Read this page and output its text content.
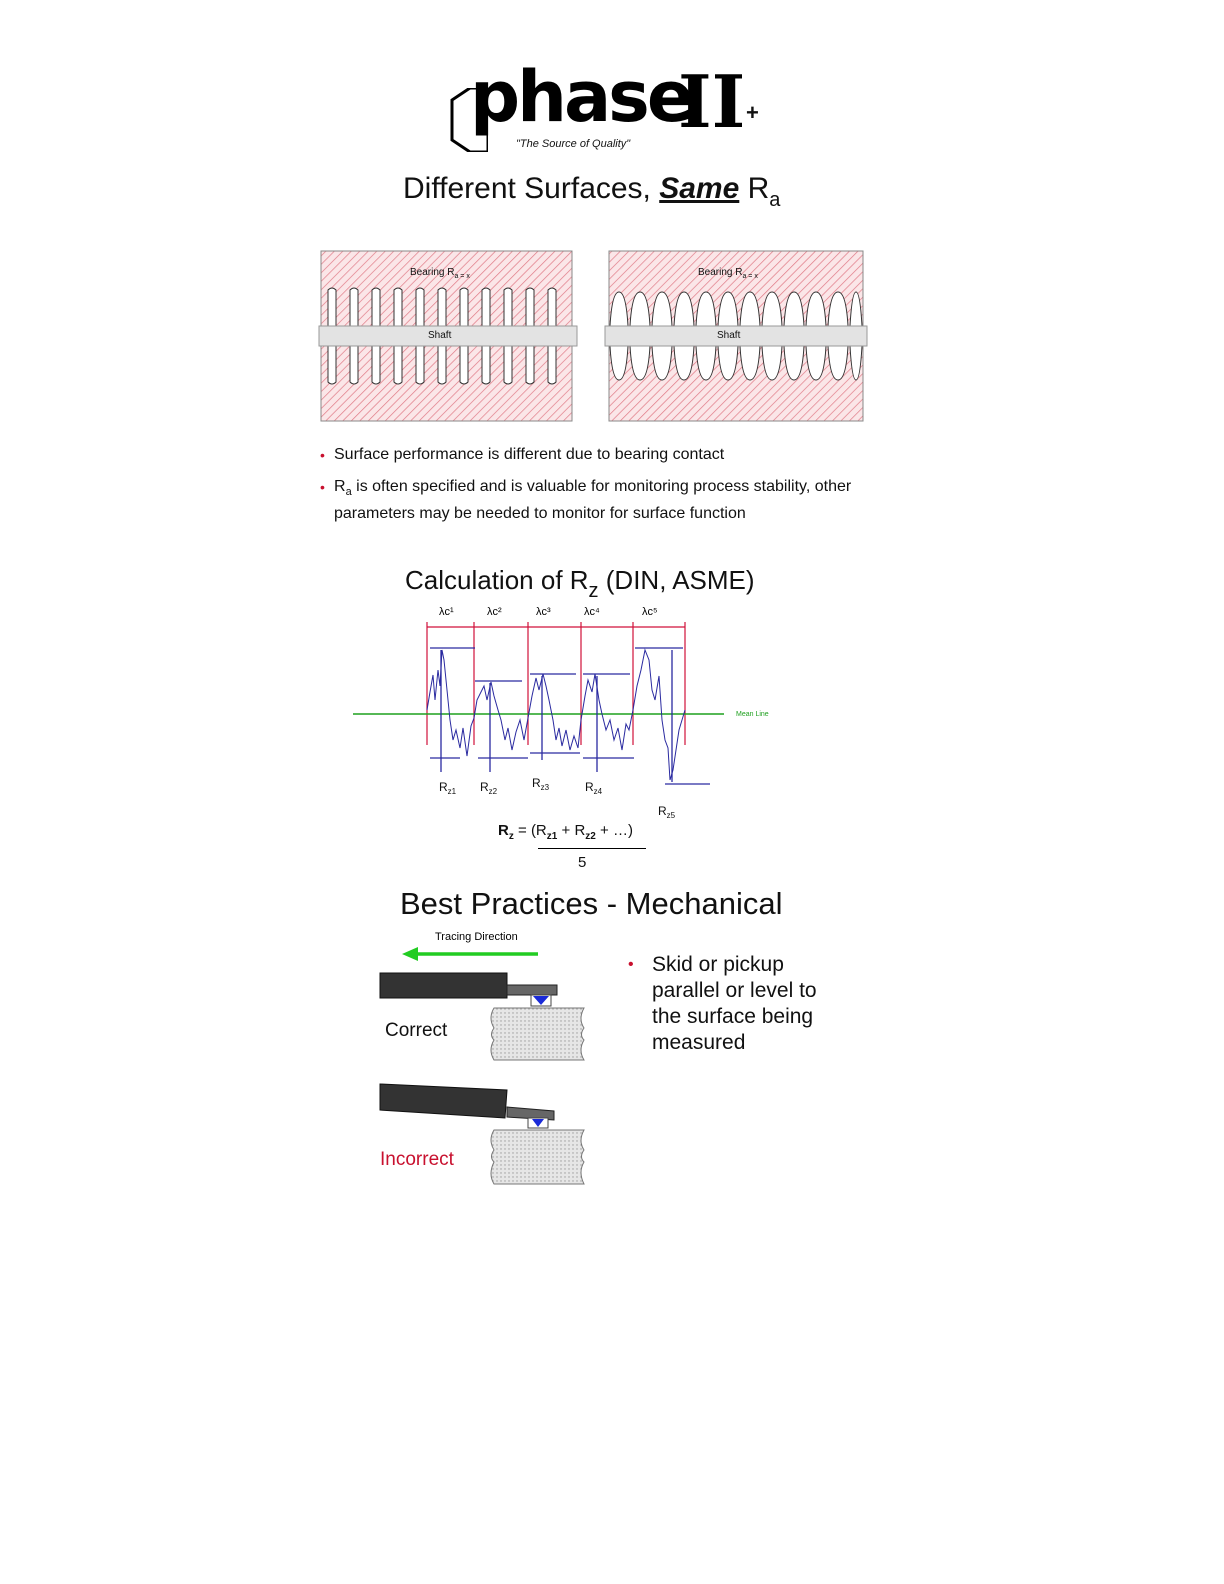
phase
II +
"The Source of Quality"
Different Surfaces, Same $R_a$
Bearing $R_{a = x}$
Shaft
Bearing $R_{a = x}$
Shaft
• Surface performance is different due to bearing contact
• $R_a$ is often specified and is valuable for monitoring process stability, other parameters may be needed to monitor for surface function
Calculation of $R_z$ (DIN, ASME)
λc¹	λc²	λc³	λc⁴	λc⁵
Mean Line
$R_{z1}$ $R_{z2}$
$R_{z3}$	$R_{z4}$
$R_{z5}$
$R_z = (R_{z1} + R_{z2}$ + …)
5
Best Practices - Mechanical
Tracing Direction
Correct
Incorrect
• Skid or pickup parallel or level to the surface being measured
